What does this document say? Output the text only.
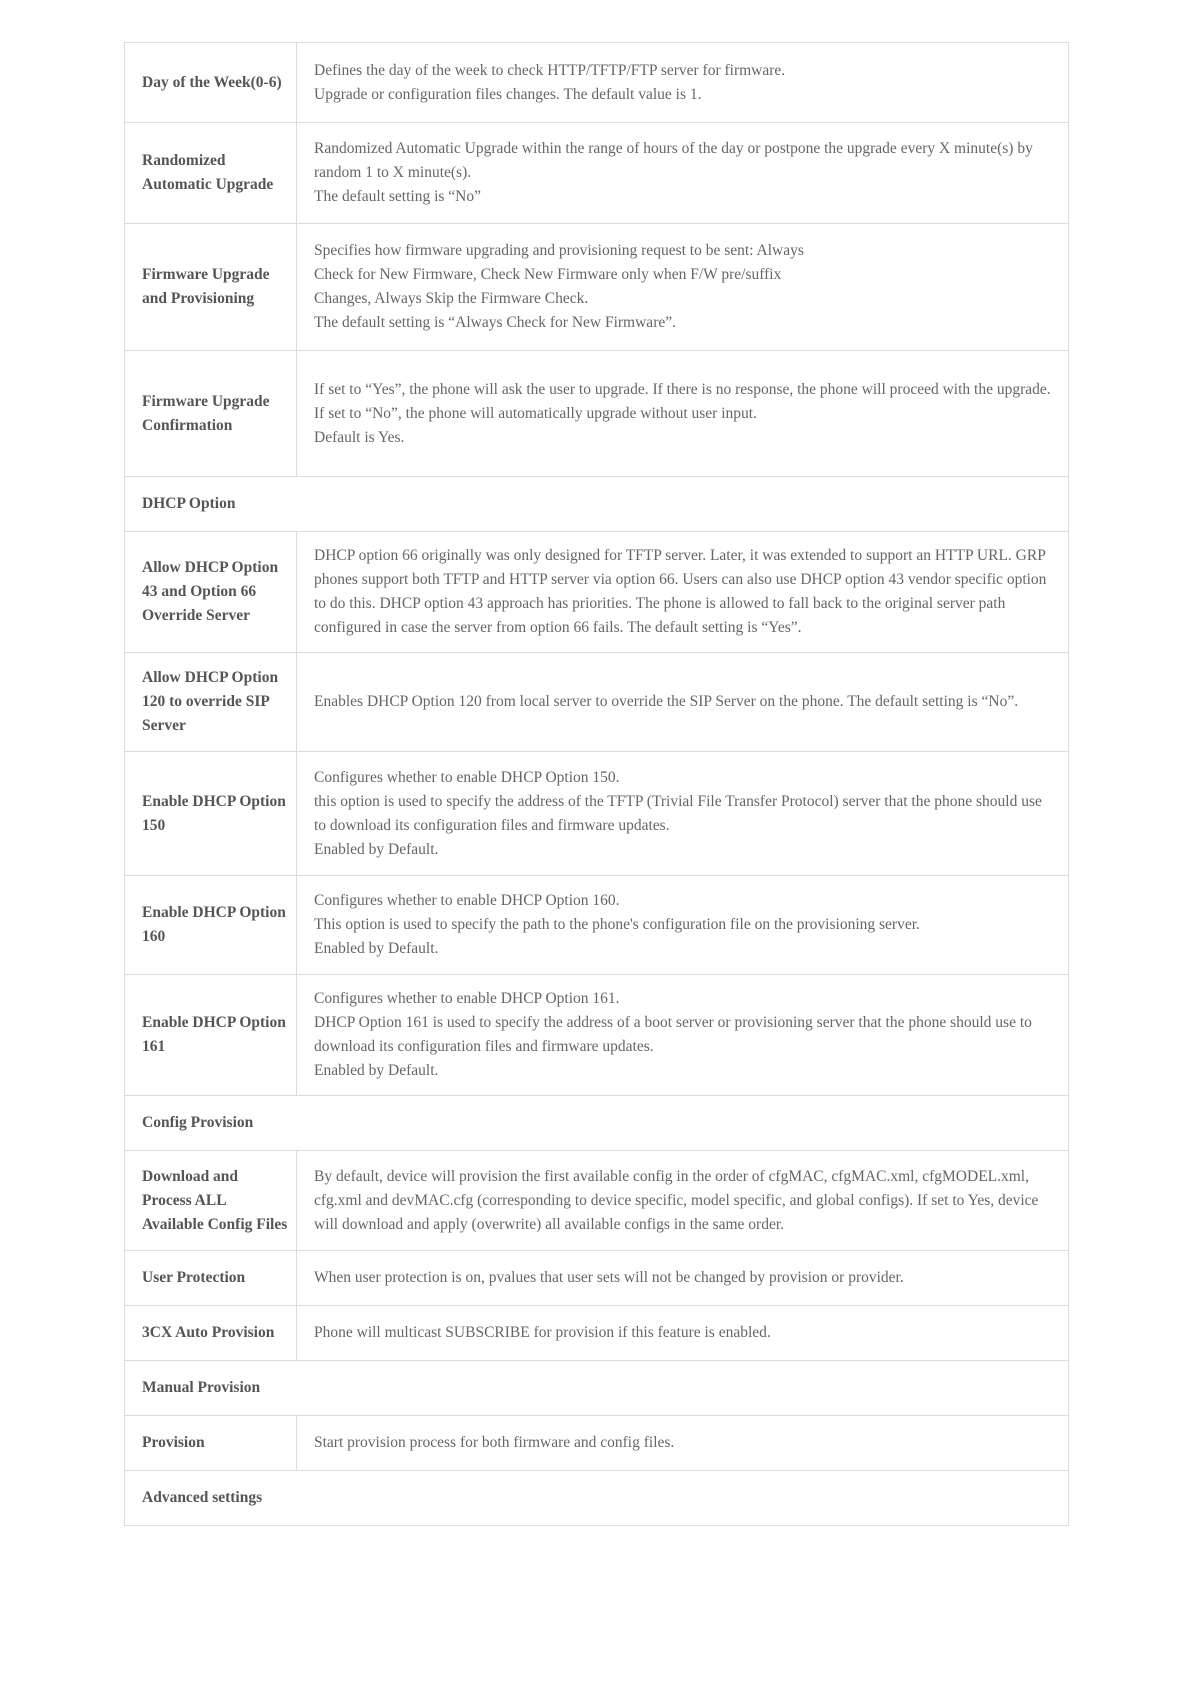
Day of the Week(0-6)	Defines the day of the week to check HTTP/TFTP/FTP server for firmware.

Upgrade or configuration files changes. The default value is 1.

Randomized Automatic Upgrade	Randomized Automatic Upgrade within the range of hours of the day or postpone the upgrade every X minute(s) by random 1 to X minute(s).

The default setting is “No”

Firmware Upgrade and Provisioning	Specifies how firmware upgrading and provisioning request to be sent: Always

Check for New Firmware, Check New Firmware only when F/W pre/suffix

Changes, Always Skip the Firmware Check.

The default setting is “Always Check for New Firmware”.

Firmware Upgrade Confirmation	If set to “Yes”, the phone will ask the user to upgrade. If there is no response, the phone will proceed with the upgrade.

If set to “No”, the phone will automatically upgrade without user input.

Default is Yes.

DHCP Option	
Allow DHCP Option 43 and Option 66 Override Server	DHCP option 66 originally was only designed for TFTP server. Later, it was extended to support an HTTP URL. GRP phones support both TFTP and HTTP server via option 66. Users can also use DHCP option 43 vendor specific option to do this. DHCP option 43 approach has priorities. The phone is allowed to fall back to the original server path configured in case the server from option 66 fails. The default setting is “Yes”.

Allow DHCP Option 120 to override SIP Server	Enables DHCP Option 120 from local server to override the SIP Server on the phone. The default setting is “No”.

Enable DHCP Option 150	Configures whether to enable DHCP Option 150.

this option is used to specify the address of the TFTP (Trivial File Transfer Protocol) server that the phone should use to download its configuration files and firmware updates.

Enabled by Default.

Enable DHCP Option 160	Configures whether to enable DHCP Option 160.

This option is used to specify the path to the phone's configuration file on the provisioning server.

Enabled by Default.

Enable DHCP Option 161	Configures whether to enable DHCP Option 161.

DHCP Option 161 is used to specify the address of a boot server or provisioning server that the phone should use to download its configuration files and firmware updates.

Enabled by Default.

Config Provision	
Download and Process ALL Available Config Files	By default, device will provision the first available config in the order of cfgMAC, cfgMAC.xml, cfgMODEL.xml, cfg.xml and devMAC.cfg (corresponding to device specific, model specific, and global configs). If set to Yes, device will download and apply (overwrite) all available configs in the same order.

User Protection	When user protection is on, pvalues that user sets will not be changed by provision or provider.

3CX Auto Provision	Phone will multicast SUBSCRIBE for provision if this feature is enabled.

Manual Provision	
Provision	Start provision process for both firmware and config files.

Advanced settings	
